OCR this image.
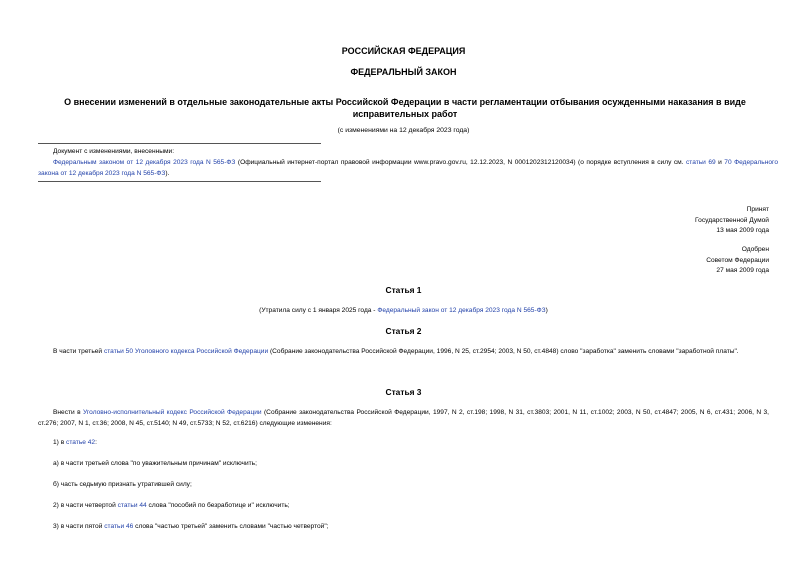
РОССИЙСКАЯ ФЕДЕРАЦИЯ
ФЕДЕРАЛЬНЫЙ ЗАКОН
О внесении изменений в отдельные законодательные акты Российской Федерации в части регламентации отбывания осужденными наказания в виде исправительных работ
(с изменениями на 12 декабря 2023 года)
Документ с изменениями, внесенными:
Федеральным законом от 12 декабря 2023 года N 565-ФЗ (Официальный интернет-портал правовой информации www.pravo.gov.ru, 12.12.2023, N 0001202312120034) (о порядке вступления в силу см. статьи 69 и 70 Федерального закона от 12 декабря 2023 года N 565-ФЗ).
Принят
Государственной Думой
13 мая 2009 года
Одобрен
Советом Федерации
27 мая 2009 года
Статья 1
(Утратила силу с 1 января 2025 года - Федеральный закон от 12 декабря 2023 года N 565-ФЗ)
Статья 2
В части третьей статьи 50 Уголовного кодекса Российской Федерации (Собрание законодательства Российской Федерации, 1996, N 25, ст.2954; 2003, N 50, ст.4848) слово "заработка" заменить словами "заработной платы".
Статья 3
Внести в Уголовно-исполнительный кодекс Российской Федерации (Собрание законодательства Российской Федерации, 1997, N 2, ст.198; 1998, N 31, ст.3803; 2001, N 11, ст.1002; 2003, N 50, ст.4847; 2005, N 6, ст.431; 2006, N 3, ст.276; 2007, N 1, ст.36; 2008, N 45, ст.5140; N 49, ст.5733; N 52, ст.6216) следующие изменения:
1) в статье 42:
а) в части третьей слова "по уважительным причинам" исключить;
б) часть седьмую признать утратившей силу;
2) в части четвертой статьи 44 слова "пособий по безработице и" исключить;
3) в части пятой статьи 46 слова "частью третьей" заменить словами "частью четвертой";
